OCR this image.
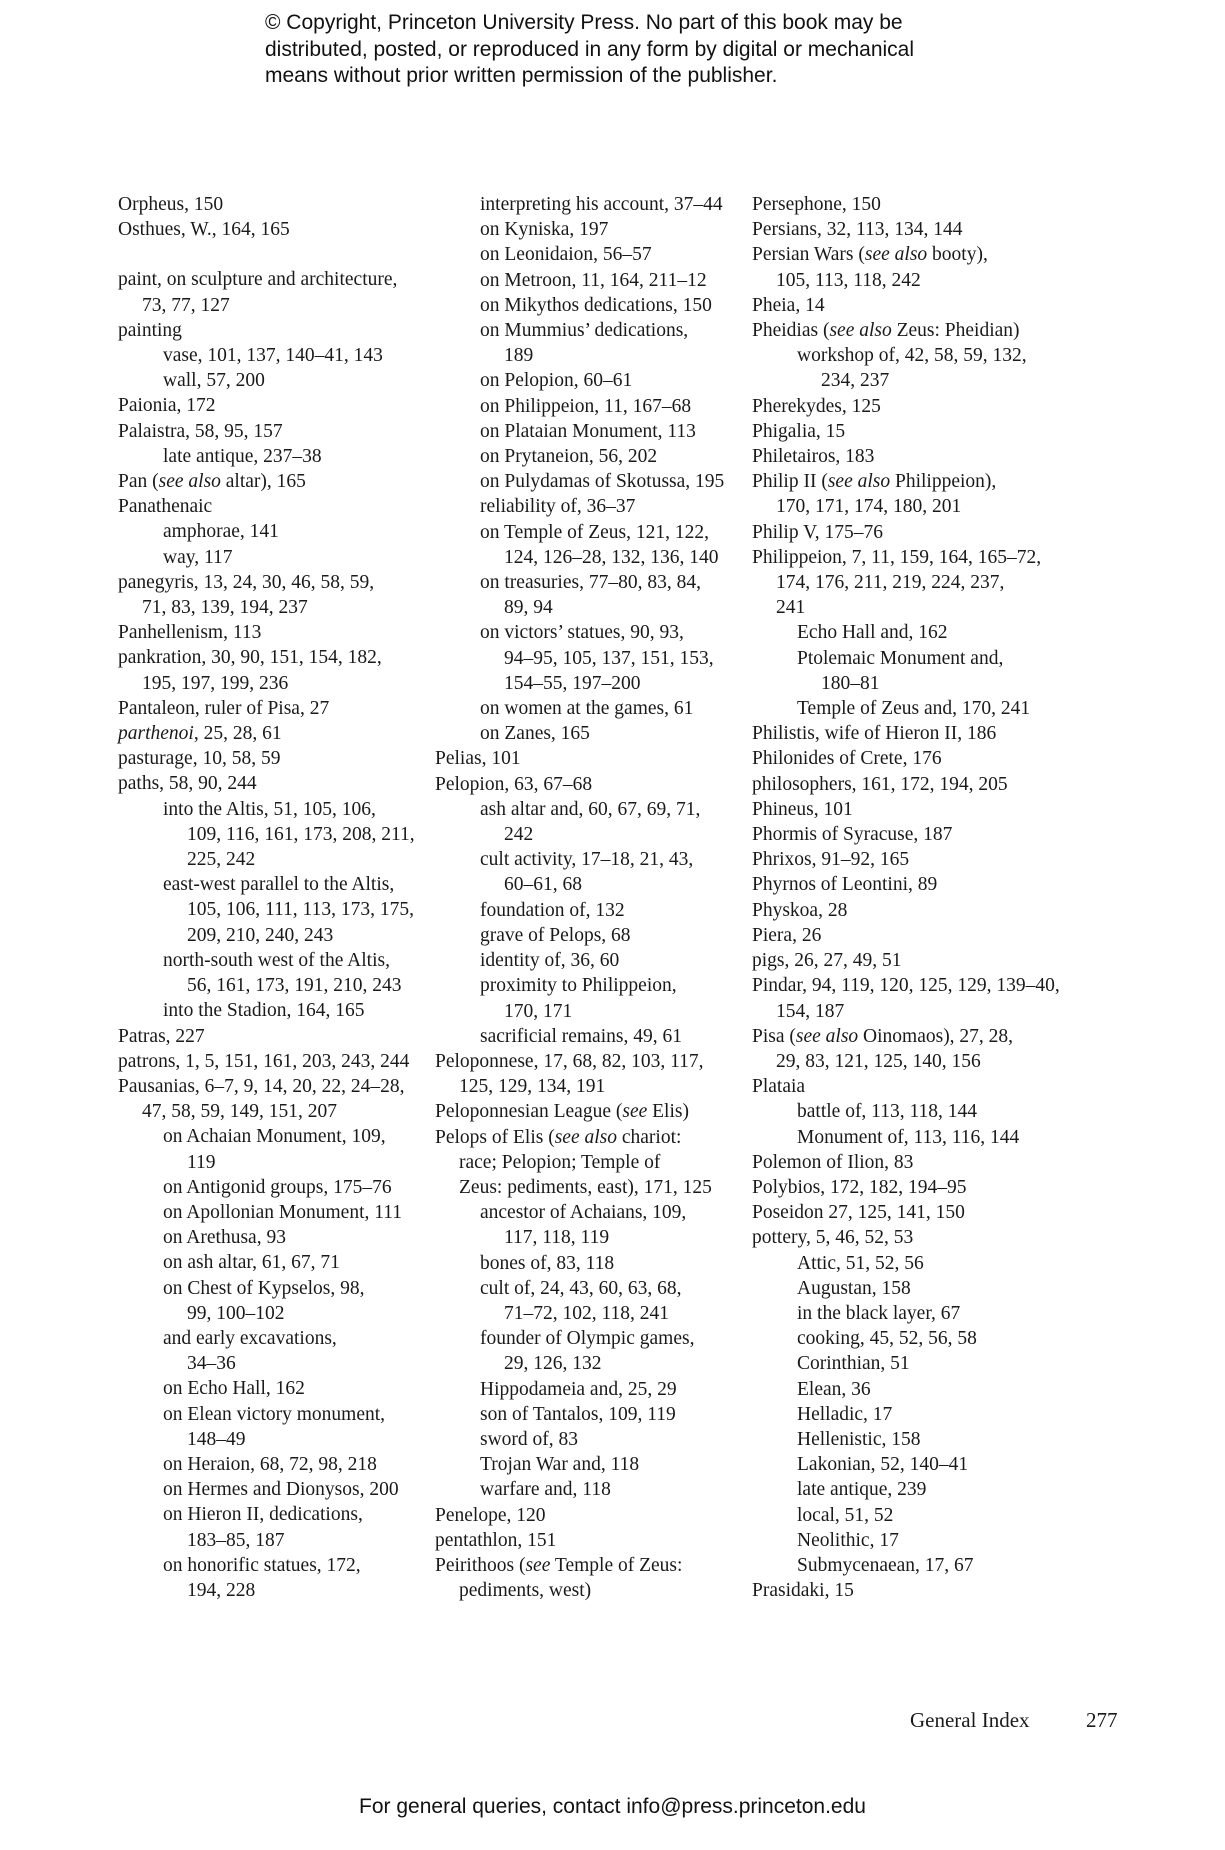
© Copyright, Princeton University Press. No part of this book may be
distributed, posted, or reproduced in any form by digital or mechanical
means without prior written permission of the publisher.
Orpheus, 150
Osthues, W., 164, 165
paint, on sculpture and architecture,
73, 77, 127
painting
vase, 101, 137, 140–41, 143
wall, 57, 200
Paionia, 172
Palaistra, 58, 95, 157
late antique, 237–38
Pan (see also altar), 165
Panathenaic
amphorae, 141
way, 117
panegyris, 13, 24, 30, 46, 58, 59,
71, 83, 139, 194, 237
Panhellenism, 113
pankration, 30, 90, 151, 154, 182,
195, 197, 199, 236
Pantaleon, ruler of Pisa, 27
parthenoi, 25, 28, 61
pasturage, 10, 58, 59
paths, 58, 90, 244
into the Altis, 51, 105, 106,
109, 116, 161, 173, 208, 211,
225, 242
east-west parallel to the Altis,
105, 106, 111, 113, 173, 175,
209, 210, 240, 243
north-south west of the Altis,
56, 161, 173, 191, 210, 243
into the Stadion, 164, 165
Patras, 227
patrons, 1, 5, 151, 161, 203, 243, 244
Pausanias, 6–7, 9, 14, 20, 22, 24–28,
47, 58, 59, 149, 151, 207
on Achaian Monument, 109,
119
on Antigonid groups, 175–76
on Apollonian Monument, 111
on Arethusa, 93
on ash altar, 61, 67, 71
on Chest of Kypselos, 98,
99, 100–102
and early excavations,
34–36
on Echo Hall, 162
on Elean victory monument,
148–49
on Heraion, 68, 72, 98, 218
on Hermes and Dionysos, 200
on Hieron II, dedications,
183–85, 187
on honorific statues, 172,
194, 228
interpreting his account, 37–44
on Kyniska, 197
on Leonidaion, 56–57
on Metroon, 11, 164, 211–12
on Mikythos dedications, 150
on Mummius’ dedications,
189
on Pelopion, 60–61
on Philippeion, 11, 167–68
on Plataian Monument, 113
on Prytaneion, 56, 202
on Pulydamas of Skotussa, 195
reliability of, 36–37
on Temple of Zeus, 121, 122,
124, 126–28, 132, 136, 140
on treasuries, 77–80, 83, 84,
89, 94
on victors’ statues, 90, 93,
94–95, 105, 137, 151, 153,
154–55, 197–200
on women at the games, 61
on Zanes, 165
Pelias, 101
Pelopion, 63, 67–68
ash altar and, 60, 67, 69, 71,
242
cult activity, 17–18, 21, 43,
60–61, 68
foundation of, 132
grave of Pelops, 68
identity of, 36, 60
proximity to Philippeion,
170, 171
sacrificial remains, 49, 61
Peloponnese, 17, 68, 82, 103, 117,
125, 129, 134, 191
Peloponnesian League (see Elis)
Pelops of Elis (see also chariot:
race; Pelopion; Temple of
Zeus: pediments, east), 171, 125
ancestor of Achaians, 109,
117, 118, 119
bones of, 83, 118
cult of, 24, 43, 60, 63, 68,
71–72, 102, 118, 241
founder of Olympic games,
29, 126, 132
Hippodameia and, 25, 29
son of Tantalos, 109, 119
sword of, 83
Trojan War and, 118
warfare and, 118
Penelope, 120
pentathlon, 151
Peirithoos (see Temple of Zeus:
pediments, west)
Persephone, 150
Persians, 32, 113, 134, 144
Persian Wars (see also booty),
105, 113, 118, 242
Pheia, 14
Pheidias (see also Zeus: Pheidian)
workshop of, 42, 58, 59, 132,
234, 237
Pherekydes, 125
Phigalia, 15
Philetairos, 183
Philip II (see also Philippeion),
170, 171, 174, 180, 201
Philip V, 175–76
Philippeion, 7, 11, 159, 164, 165–72,
174, 176, 211, 219, 224, 237,
241
Echo Hall and, 162
Ptolemaic Monument and,
180–81
Temple of Zeus and, 170, 241
Philistis, wife of Hieron II, 186
Philonides of Crete, 176
philosophers, 161, 172, 194, 205
Phineus, 101
Phormis of Syracuse, 187
Phrixos, 91–92, 165
Phyrnos of Leontini, 89
Physkoa, 28
Piera, 26
pigs, 26, 27, 49, 51
Pindar, 94, 119, 120, 125, 129, 139–40,
154, 187
Pisa (see also Oinomaos), 27, 28,
29, 83, 121, 125, 140, 156
Plataia
battle of, 113, 118, 144
Monument of, 113, 116, 144
Polemon of Ilion, 83
Polybios, 172, 182, 194–95
Poseidon 27, 125, 141, 150
pottery, 5, 46, 52, 53
Attic, 51, 52, 56
Augustan, 158
in the black layer, 67
cooking, 45, 52, 56, 58
Corinthian, 51
Elean, 36
Helladic, 17
Hellenistic, 158
Lakonian, 52, 140–41
late antique, 239
local, 51, 52
Neolithic, 17
Submycenaean, 17, 67
Prasidaki, 15
General Index	277
For general queries, contact info@press.princeton.edu
